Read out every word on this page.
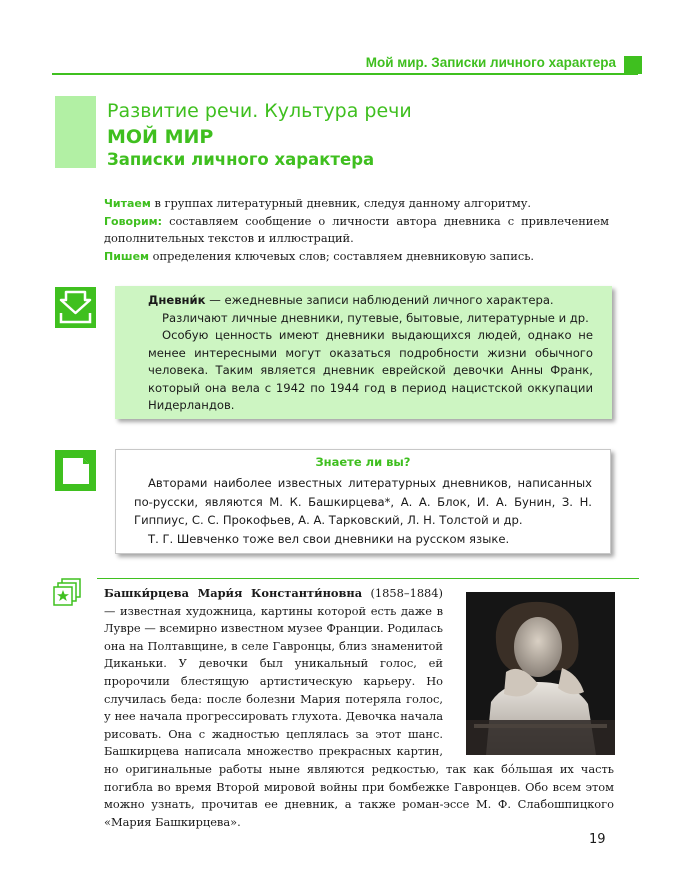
Мой мир. Записки личного характера
Развитие речи. Культура речи
МОЙ МИР
Записки личного характера

Читаем в группах литературный дневник, следуя данному алгоритму.

Говорим: составляем сообщение о личности автора дневника с привлечением дополнительных текстов и иллюстраций.

Пишем определения ключевых слов; составляем дневниковую запись.

Дневни́к — ежедневные записи наблюдений личного характера.

Различают личные дневники, путевые, бытовые, литературные и др.

Особую ценность имеют дневники выдающихся людей, однако не менее интересными могут оказаться подробности жизни обычного человека. Таким является дневник еврейской девочки Анны Франк, который она вела с 1942 по 1944 год в период нацистской оккупации Нидерландов.

Знаете ли вы?

Авторами наиболее известных литературных дневников, написанных по-русски, являются М. К. Башкирцева*, А. А. Блок, И. А. Бунин, З. Н. Гиппиус, С. С. Прокофьев, А. А. Тарковский, Л. Н. Толстой и др.

Т. Г. Шевченко тоже вел свои дневники на русском языке.

Башки́рцева Мари́я Константи́новна (1858–1884) — известная художница, картины которой есть даже в Лувре — всемирно известном музее Франции. Родилась она на Полтавщине, в селе Гавронцы, близ знаменитой Диканьки. У девочки был уникальный голос, ей пророчили блестящую артистическую карьеру. Но случилась беда: после болезни Мария потеряла голос, у нее начала прогрессировать глухота. Девочка начала рисовать. Она с жадностью цеплялась за этот шанс. Башкирцева написала множество прекрасных картин, но оригинальные работы ныне являются редкостью, так как бóльшая их часть погибла во время Второй мировой войны при бомбежке Гавронцев. Обо всем этом можно узнать, прочитав ее дневник, а также роман-эссе М. Ф. Слабошпицкого «Мария Башкирцева».
19
